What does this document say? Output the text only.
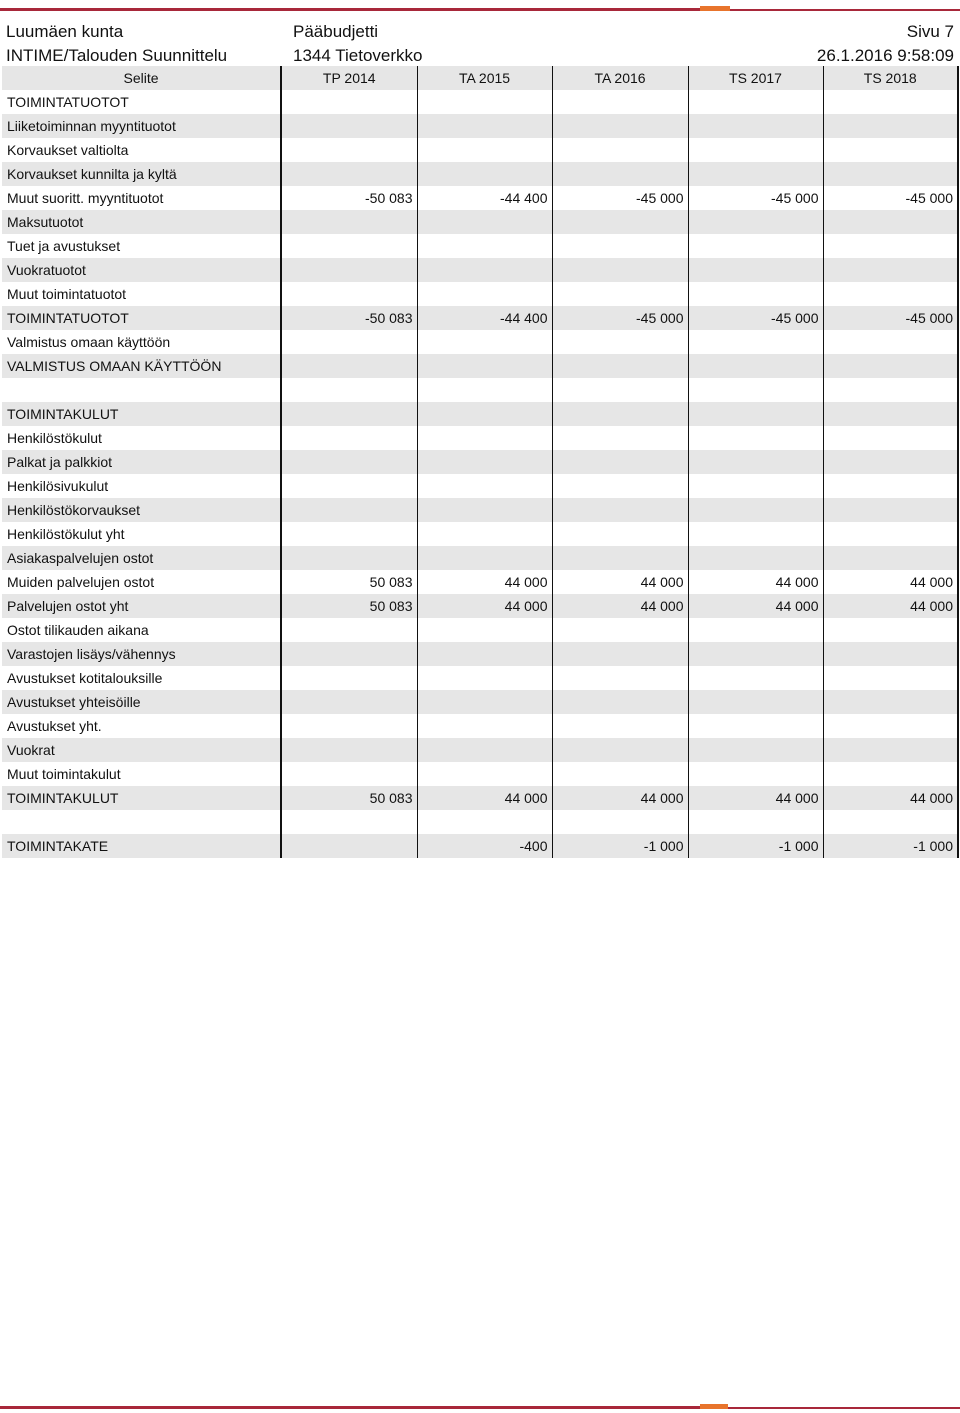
Luumäen kunta	Pääbudjetti	Sivu 7
INTIME/Talouden Suunnittelu	1344 Tietoverkko	26.1.2016 9:58:09
Selite	TP 2014	TA 2015	TA 2016	TS 2017	TS 2018
TOIMINTATUOTOT					
Liiketoiminnan myyntituotot					
Korvaukset valtiolta					
Korvaukset kunnilta ja kyltä					
Muut suoritt. myyntituotot	-50 083	-44 400	-45 000	-45 000	-45 000
Maksutuotot					
Tuet ja avustukset					
Vuokratuotot					
Muut toimintatuotot					
TOIMINTATUOTOT	-50 083	-44 400	-45 000	-45 000	-45 000
Valmistus omaan käyttöön					
VALMISTUS OMAAN KÄYTTÖÖN					

TOIMINTAKULUT					
Henkilöstökulut					
Palkat ja palkkiot					
Henkilösivukulut					
Henkilöstökorvaukset					
Henkilöstökulut yht					
Asiakaspalvelujen ostot					
Muiden palvelujen ostot	50 083	44 000	44 000	44 000	44 000
Palvelujen ostot yht	50 083	44 000	44 000	44 000	44 000
Ostot tilikauden aikana					
Varastojen lisäys/vähennys					
Avustukset kotitalouksille					
Avustukset yhteisöille					
Avustukset yht.					
Vuokrat					
Muut toimintakulut					
TOIMINTAKULUT	50 083	44 000	44 000	44 000	44 000

TOIMINTAKATE		-400	-1 000	-1 000	-1 000
